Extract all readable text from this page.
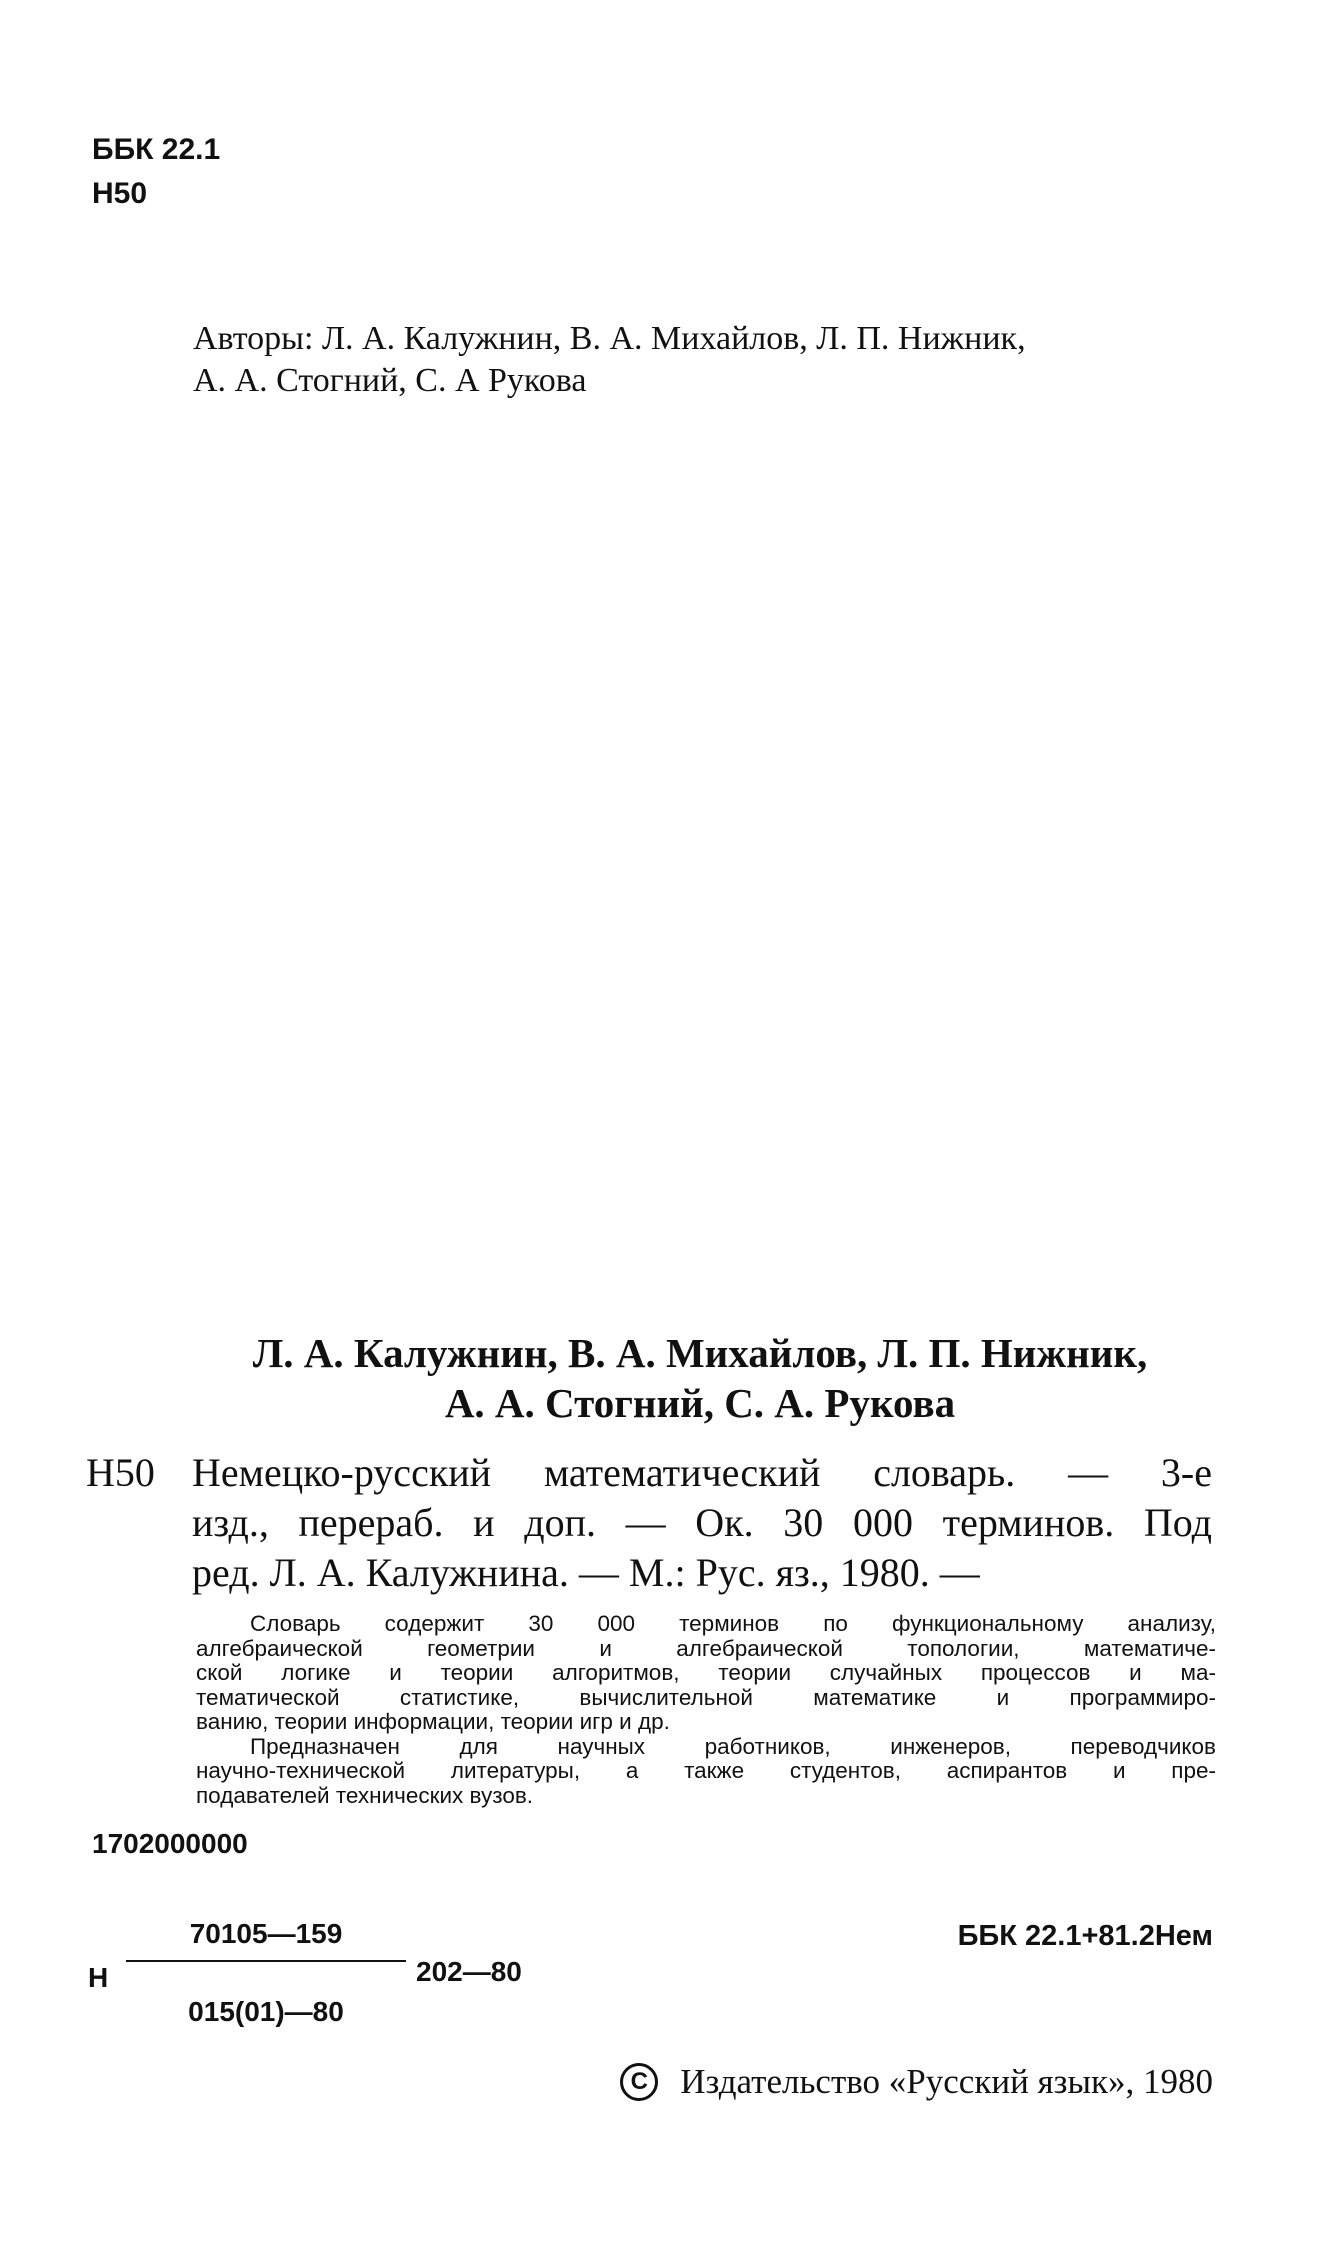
ББК 22.1
Н50
Авторы: Л. А. Калужнин, В. А. Михайлов, Л. П. Нижник,
А. А. Стогний, С. А Рукова
Л. А. Калужнин, В. А. Михайлов, Л. П. Нижник,
А. А. Стогний, С. А. Рукова
Н50 Немецко-русский математический словарь. — 3-е
изд., перераб. и доп. — Ок. 30 000 терминов. Под
ред. Л. А. Калужнина. — М.: Рус. яз., 1980. —
Словарь содержит 30 000 терминов по функциональному анализу,
алгебраической геометрии и алгебраической топологии, математиче-
ской логике и теории алгоритмов, теории случайных процессов и ма-
тематической статистике, вычислительной математике и программиро-
ванию, теории информации, теории игр и др.
Предназначен для научных работников, инженеров, переводчиков
научно-технической литературы, а также студентов, аспирантов и пре-
подавателей технических вузов.
1702000000
Н
70105—159
015(01)—80
202—80
ББК 22.1+81.2Нем
C Издательство «Русский язык», 1980
